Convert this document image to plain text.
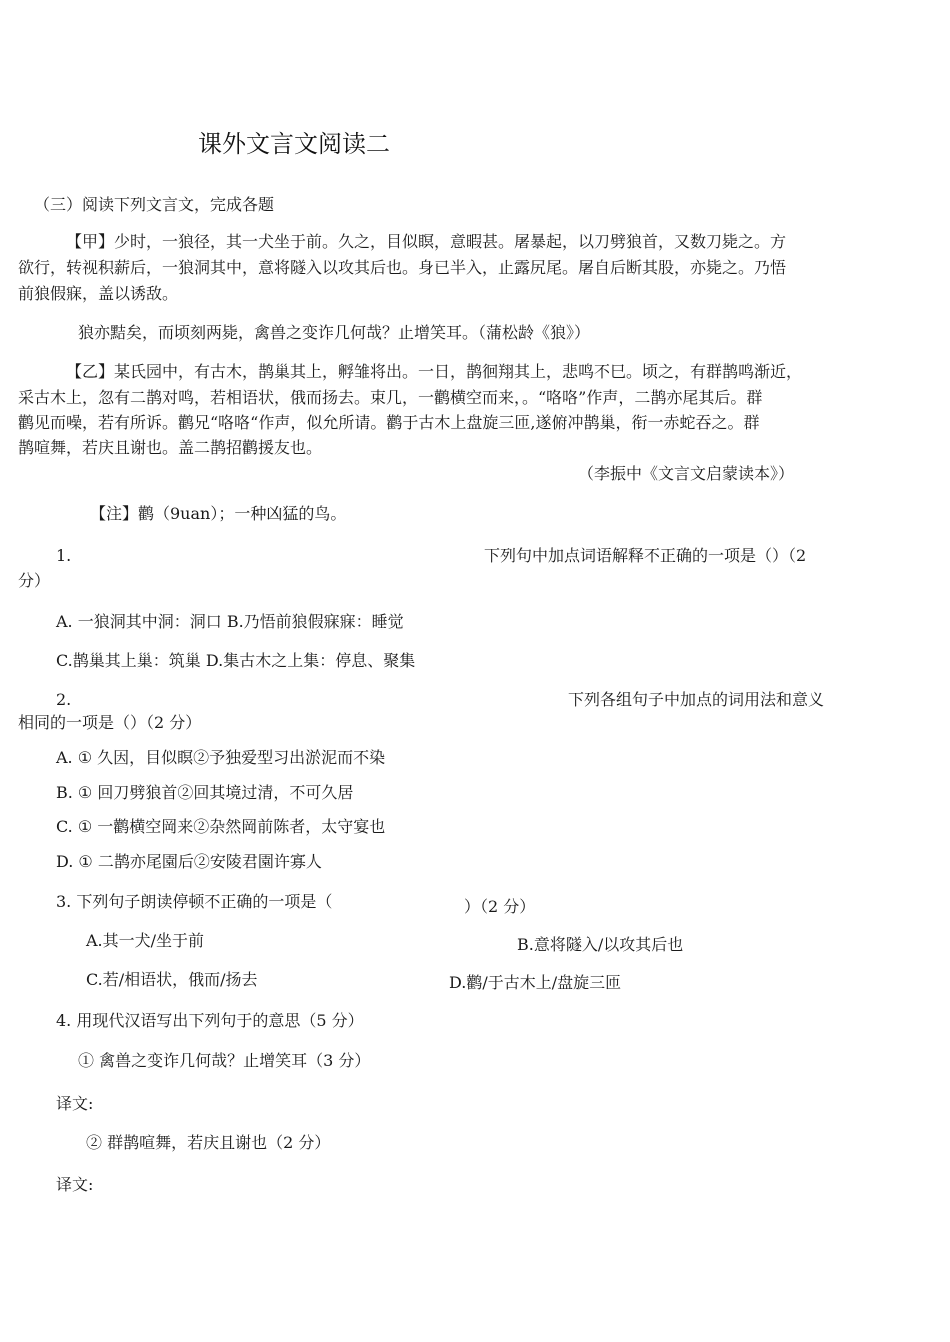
课外文言文阅读二
（三）阅读下列文言文，完成各题
【甲】少时，一狼径，其一犬坐于前。久之，目似瞑，意暇甚。屠暴起，以刀劈狼首，又数刀毙之。方
欲行，转视积薪后，一狼洞其中，意将隧入以攻其后也。身已半入，止露尻尾。屠自后断其股，亦毙之。乃悟
前狼假寐，盖以诱敌。
狼亦黠矣，而顷刻两毙，禽兽之变诈几何哉？止增笑耳。（蒲松龄《狼》）
【乙】某氏园中，有古木，鹊巢其上，孵雏将出。一日，鹊徊翔其上，悲鸣不巳。顷之，有群鹊鸣渐近，
采古木上，忽有二鹊对鸣，若相语状，俄而扬去。束几，一鹳横空而来，。“咯咯”作声，二鹊亦尾其后。群
鹳见而噪，若有所诉。鹳兄“咯咯“作声，似允所请。鹳于古木上盘旋三匝,遂俯冲鹊巢，衔一赤蛇吞之。群
鹊喧舞，若庆且谢也。盖二鹊招鹳援友也。
（李振中《文言文启蒙读本》）
【注】鹳（9uan）；一种凶猛的鸟。
1.	下列句中加点词语解释不正确的一项是（）（2
分）
A. 一狼洞其中洞：洞口 B.乃悟前狼假寐寐：睡觉
C.鹊巢其上巢：筑巢 D.集古木之上集：停息、聚集
2.	下列各组句子中加点的词用法和意义
相同的一项是（）（2 分）
A. ① 久因，目似瞑②予独爱型习出淤泥而不染
B. ① 回刀劈狼首②回其境过清，不可久居
C. ① 一鹳横空岡来②杂然岡前陈者，太守宴也
D. ① 二鹊亦尾園后②安陵君園许寡人
3. 下列句子朗读停顿不正确的一项是（	）（2 分）
A.其一犬/坐于前	B.意将隧入/以攻其后也
C.若/相语状，俄而/扬去	D.鹳/于古木上/盘旋三匝
4. 用现代汉语写出下列句于的意思（5 分）
① 禽兽之变诈几何哉？止增笑耳（3 分）
译文:
② 群鹊喧舞，若庆且谢也（2 分）
译文:
